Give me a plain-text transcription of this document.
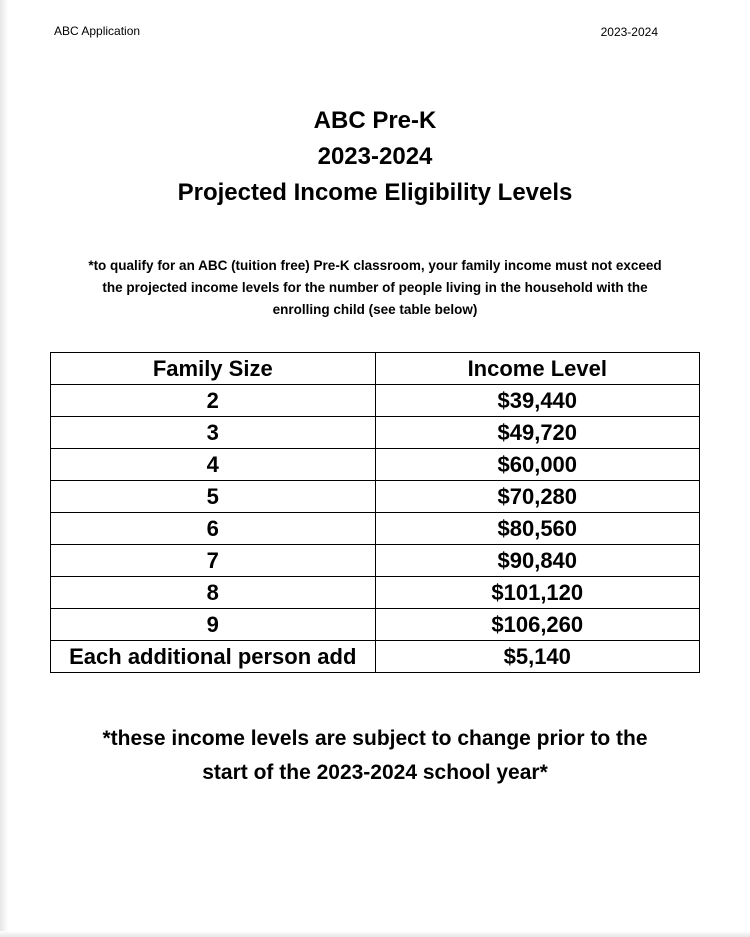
ABC Application	2023-2024
ABC Pre-K
2023-2024
Projected Income Eligibility Levels
*to qualify for an ABC (tuition free) Pre-K classroom, your family income must not exceed
the projected income levels for the number of people living in the household with the
enrolling child (see table below)
Family Size	Income Level
2	$39,440
3	$49,720
4	$60,000
5	$70,280
6	$80,560
7	$90,840
8	$101,120
9	$106,260
Each additional person add	$5,140
*these income levels are subject to change prior to the
start of the 2023-2024 school year*
